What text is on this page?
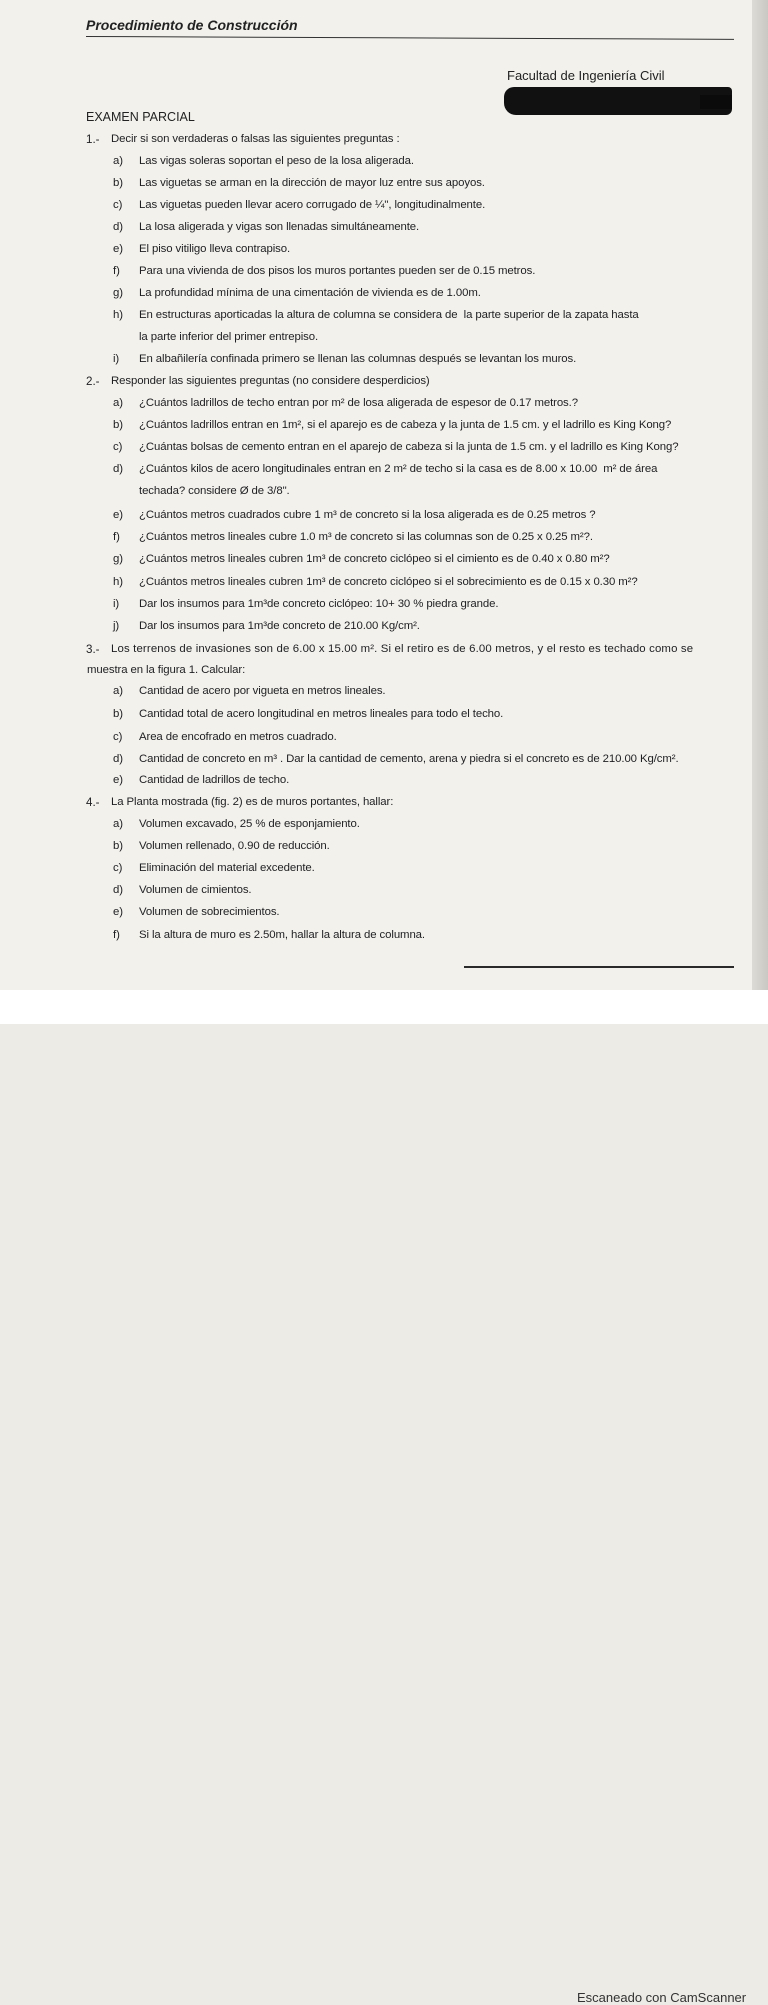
Procedimiento de Construcción
Facultad de Ingeniería Civil
EXAMEN PARCIAL
1.- Decir si son verdaderas o falsas las siguientes preguntas :
a) Las vigas soleras soportan el peso de la losa aligerada.
b) Las viguetas se arman en la dirección de mayor luz entre sus apoyos.
c) Las viguetas pueden llevar acero corrugado de ¼", longitudinalmente.
d) La losa aligerada y vigas son llenadas simultáneamente.
e) El piso vitiligo lleva contrapiso.
f) Para una vivienda de dos pisos los muros portantes pueden ser de 0.15 metros.
g) La profundidad mínima de una cimentación de vivienda es de 1.00m.
h) En estructuras aporticadas la altura de columna se considera de  la parte superior de la zapata hasta
la parte inferior del primer entrepiso.
i) En albañilería confinada primero se llenan las columnas después se levantan los muros.
2.- Responder las siguientes preguntas (no considere desperdicios)
a) ¿Cuántos ladrillos de techo entran por m² de losa aligerada de espesor de 0.17 metros.?
b) ¿Cuántos ladrillos entran en 1m², si el aparejo es de cabeza y la junta de 1.5 cm. y el ladrillo es King Kong?
c) ¿Cuántas bolsas de cemento entran en el aparejo de cabeza si la junta de 1.5 cm. y el ladrillo es King Kong?
d) ¿Cuántos kilos de acero longitudinales entran en 2 m² de techo si la casa es de 8.00 x 10.00  m² de área
techada? considere Ø de 3/8".
e) ¿Cuántos metros cuadrados cubre 1 m³ de concreto si la losa aligerada es de 0.25 metros ?
f) ¿Cuántos metros lineales cubre 1.0 m³ de concreto si las columnas son de 0.25 x 0.25 m²?.
g) ¿Cuántos metros lineales cubren 1m³ de concreto ciclópeo si el cimiento es de 0.40 x 0.80 m²?
h) ¿Cuántos metros lineales cubren 1m³ de concreto ciclópeo si el sobrecimiento es de 0.15 x 0.30 m²?
i) Dar los insumos para 1m³de concreto ciclópeo: 10+ 30 % piedra grande.
j) Dar los insumos para 1m³de concreto de 210.00 Kg/cm².
3.- Los terrenos de invasiones son de 6.00 x 15.00 m². Si el retiro es de 6.00 metros, y el resto es techado como se
muestra en la figura 1. Calcular:
a) Cantidad de acero por vigueta en metros lineales.
b) Cantidad total de acero longitudinal en metros lineales para todo el techo.
c) Area de encofrado en metros cuadrado.
d) Cantidad de concreto en m³ . Dar la cantidad de cemento, arena y piedra si el concreto es de 210.00 Kg/cm².
e) Cantidad de ladrillos de techo.
4.- La Planta mostrada (fig. 2) es de muros portantes, hallar:
a) Volumen excavado, 25 % de esponjamiento.
b) Volumen rellenado, 0.90 de reducción.
c) Eliminación del material excedente.
d) Volumen de cimientos.
e) Volumen de sobrecimientos.
f) Si la altura de muro es 2.50m, hallar la altura de columna.
Escaneado con CamScanner
